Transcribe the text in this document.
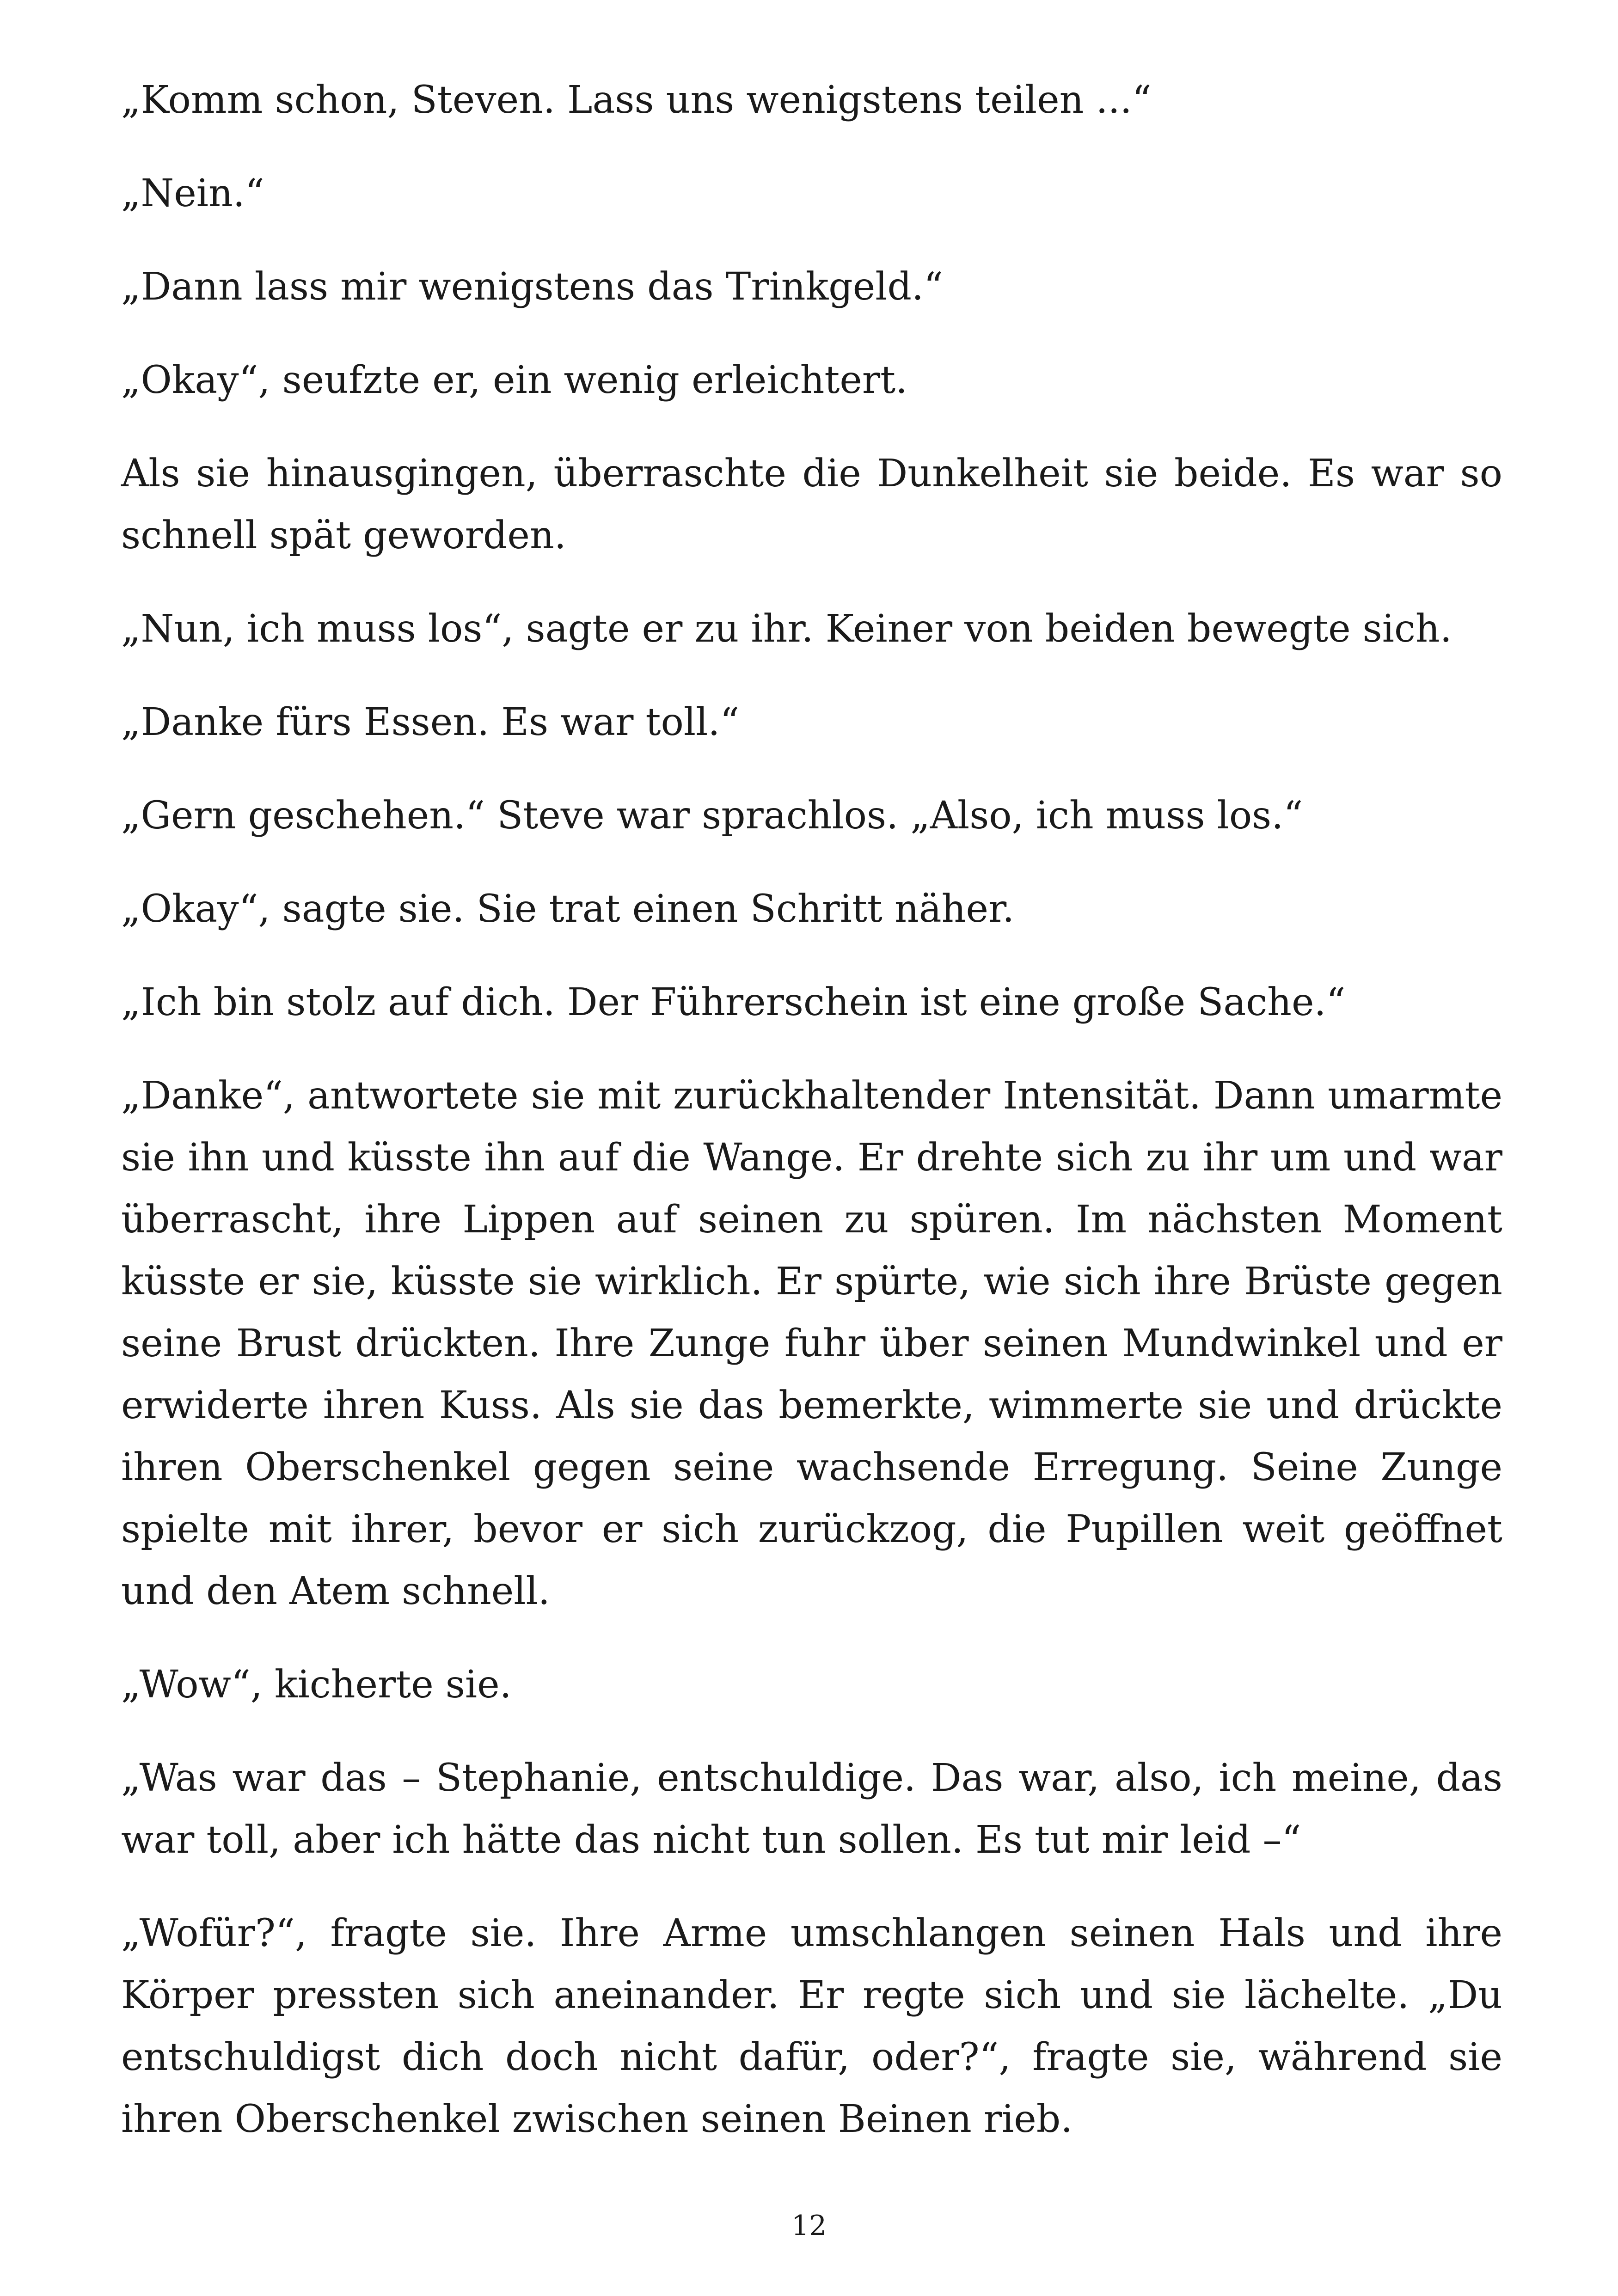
„Komm schon, Steven. Lass uns wenigstens teilen ...“

„Nein.“

„Dann lass mir wenigstens das Trinkgeld.“

„Okay“, seufzte er, ein wenig erleichtert.

Als sie hinausgingen, überraschte die Dunkelheit sie beide. Es war so schnell spät geworden.

„Nun, ich muss los“, sagte er zu ihr. Keiner von beiden bewegte sich.

„Danke fürs Essen. Es war toll.“

„Gern geschehen.“ Steve war sprachlos. „Also, ich muss los.“

„Okay“, sagte sie. Sie trat einen Schritt näher.

„Ich bin stolz auf dich. Der Führerschein ist eine große Sache.“

„Danke“, antwortete sie mit zurückhaltender Intensität. Dann umarmte sie ihn und küsste ihn auf die Wange. Er drehte sich zu ihr um und war überrascht, ihre Lippen auf seinen zu spüren. Im nächsten Moment küsste er sie, küsste sie wirklich. Er spürte, wie sich ihre Brüste gegen seine Brust drückten. Ihre Zunge fuhr über seinen Mundwinkel und er erwiderte ihren Kuss. Als sie das bemerkte, wimmerte sie und drückte ihren Oberschenkel gegen seine wachsende Erregung. Seine Zunge spielte mit ihrer, bevor er sich zurückzog, die Pupillen weit geöffnet und den Atem schnell.

„Wow“, kicherte sie.

„Was war das – Stephanie, entschuldige. Das war, also, ich meine, das war toll, aber ich hätte das nicht tun sollen. Es tut mir leid –“

„Wofür?“, fragte sie. Ihre Arme umschlangen seinen Hals und ihre Körper pressten sich aneinander. Er regte sich und sie lächelte. „Du entschuldigst dich doch nicht dafür, oder?“, fragte sie, während sie ihren Oberschenkel zwischen seinen Beinen rieb.

12
